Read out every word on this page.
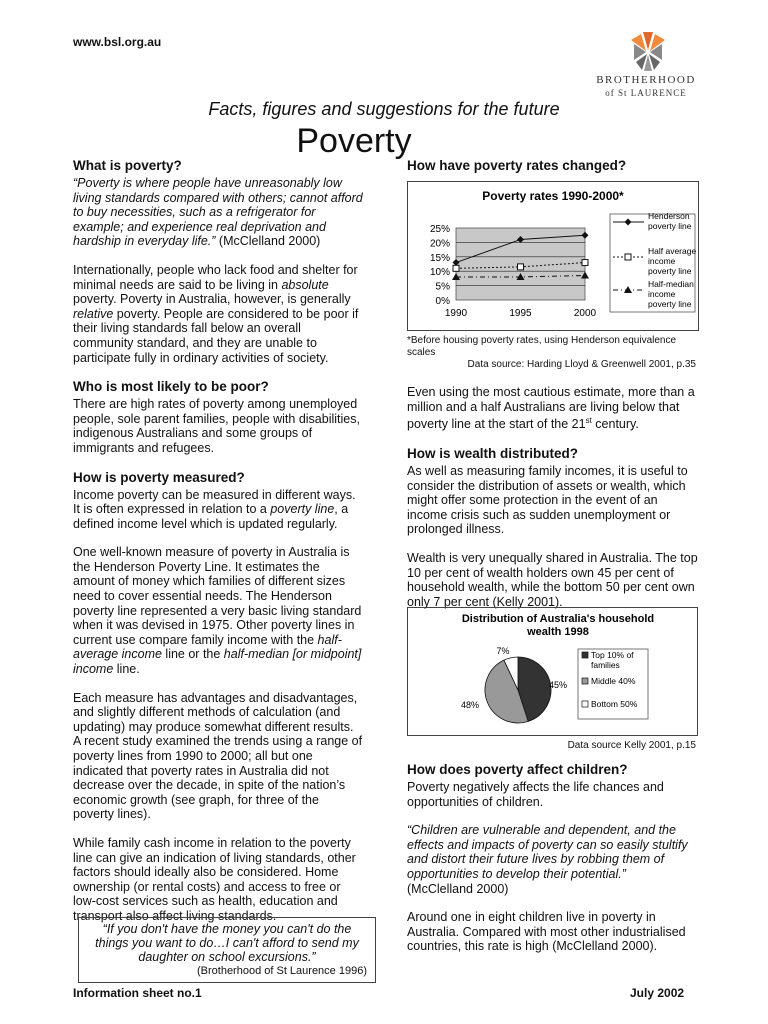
www.bsl.org.au
BROTHERHOOD
of St LAURENCE
Facts, figures and suggestions for the future
Poverty
What is poverty?

“Poverty is where people have unreasonably low living standards compared with others; cannot afford to buy necessities, such as a refrigerator for example; and experience real deprivation and hardship in everyday life.” (McClelland 2000)

Internationally, people who lack food and shelter for minimal needs are said to be living in absolute poverty. Poverty in Australia, however, is generally relative poverty. People are considered to be poor if their living standards fall below an overall community standard, and they are unable to participate fully in ordinary activities of society.

Who is most likely to be poor?

There are high rates of poverty among unemployed people, sole parent families, people with disabilities, indigenous Australians and some groups of immigrants and refugees.

How is poverty measured?

Income poverty can be measured in different ways. It is often expressed in relation to a poverty line, a defined income level which is updated regularly.

One well-known measure of poverty in Australia is the Henderson Poverty Line. It estimates the amount of money which families of different sizes need to cover essential needs. The Henderson poverty line represented a very basic living standard when it was devised in 1975. Other poverty lines in current use compare family income with the half-average income line or the half-median [or midpoint] income line.

Each measure has advantages and disadvantages, and slightly different methods of calculation (and updating) may produce somewhat different results. A recent study examined the trends using a range of poverty lines from 1990 to 2000; all but one indicated that poverty rates in Australia did not decrease over the decade, in spite of the nation’s economic growth (see graph, for three of the poverty lines).

While family cash income in relation to the poverty line can give an indication of living standards, other factors should ideally also be considered. Home ownership (or rental costs) and access to free or low-cost services such as health, education and transport also affect living standards.

“If you don't have the money you can't do the things you want to do…I can't afford to send my daughter on school excursions.”
(Brotherhood of St Laurence 1996)
How have poverty rates changed?
Poverty rates 1990-2000*
0%
5%
10%
15%
20%
25%
1990	1995	2000
Henderson poverty line
Half average income poverty line
Half-median income poverty line
*Before housing poverty rates, using Henderson equivalence scales
Data source: Harding Lloyd & Greenwell 2001, p.35

Even using the most cautious estimate, more than a million and a half Australians are living below that poverty line at the start of the 21st century.

How is wealth distributed?

As well as measuring family incomes, it is useful to consider the distribution of assets or wealth, which might offer some protection in the event of an income crisis such as sudden unemployment or prolonged illness.

Wealth is very unequally shared in Australia. The top 10 per cent of wealth holders own 45 per cent of household wealth, while the bottom 50 per cent own only 7 per cent (Kelly 2001).

Distribution of Australia's household wealth 1998
45%
48%
7%	Top 10% of families
Middle 40%
Bottom 50%
Data source Kelly 2001, p.15
How does poverty affect children?

Poverty negatively affects the life chances and opportunities of children.

“Children are vulnerable and dependent, and the effects and impacts of poverty can so easily stultify and distort their future lives by robbing them of opportunities to develop their potential.”
(McClelland 2000)

Around one in eight children live in poverty in Australia. Compared with most other industrialised countries, this rate is high (McClelland 2000).

Information sheet no.1	July 2002
